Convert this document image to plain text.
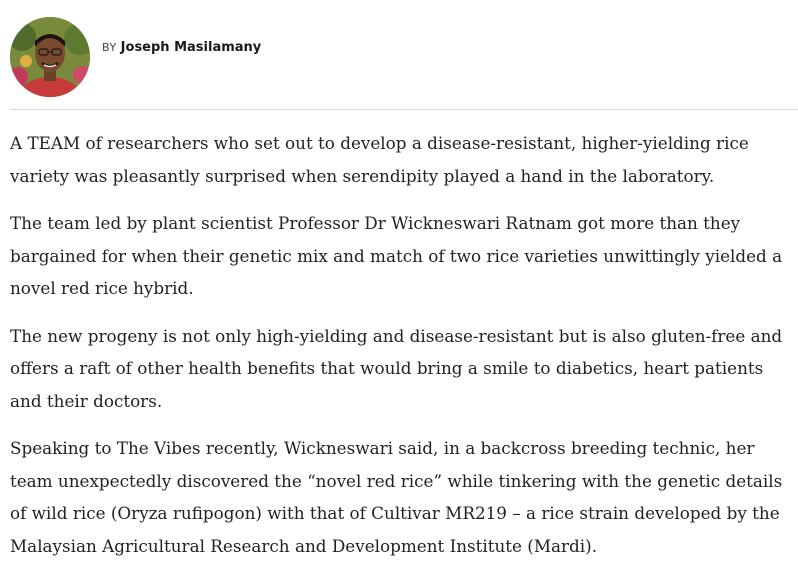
BY Joseph Masilamany

A TEAM of researchers who set out to develop a disease-resistant, higher-yielding rice variety was pleasantly surprised when serendipity played a hand in the laboratory.

The team led by plant scientist Professor Dr Wickneswari Ratnam got more than they bargained for when their genetic mix and match of two rice varieties unwittingly yielded a novel red rice hybrid.

The new progeny is not only high-yielding and disease-resistant but is also gluten-free and offers a raft of other health benefits that would bring a smile to diabetics, heart patients and their doctors.

Speaking to The Vibes recently, Wickneswari said, in a backcross breeding technic, her team unexpectedly discovered the “novel red rice” while tinkering with the genetic details of wild rice (Oryza rufipogon) with that of Cultivar MR219 – a rice strain developed by the Malaysian Agricultural Research and Development Institute (Mardi).
